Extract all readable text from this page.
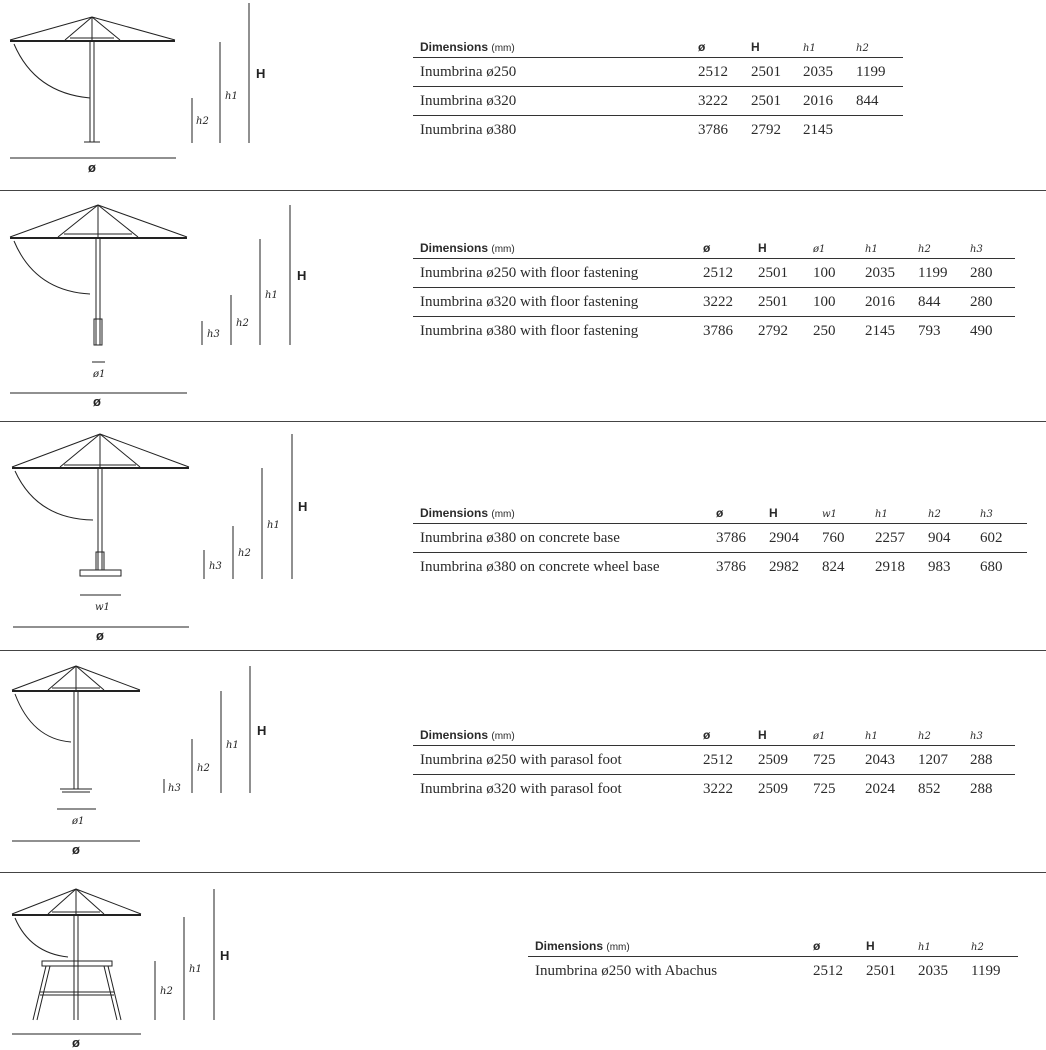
ø
H
h1
h2
Dimensions (mm)	ø	H	h1	h2
Inumbrina ø250	2512	2501	2035	1199
Inumbrina ø320	3222	2501	2016	844
Inumbrina ø380	3786	2792	2145	
ø1
ø
H
h1
h2
h3
Dimensions (mm)	ø	H	ø1	h1	h2	h3
Inumbrina ø250 with floor fastening	2512	2501	100	2035	1199	280
Inumbrina ø320 with floor fastening	3222	2501	100	2016	844	280
Inumbrina ø380 with floor fastening	3786	2792	250	2145	793	490
w1
ø
H
h1
h2
h3
Dimensions (mm)	ø	H	w1	h1	h2	h3
Inumbrina ø380 on concrete base	3786	2904	760	2257	904	602
Inumbrina ø380 on concrete wheel base	3786	2982	824	2918	983	680
ø1
ø
H
h1
h2
h3
Dimensions (mm)	ø	H	ø1	h1	h2	h3
Inumbrina ø250 with parasol foot	2512	2509	725	2043	1207	288
Inumbrina ø320 with parasol foot	3222	2509	725	2024	852	288
ø
H
h1
h2
Dimensions (mm)	ø	H	h1	h2
Inumbrina ø250 with Abachus	2512	2501	2035	1199
